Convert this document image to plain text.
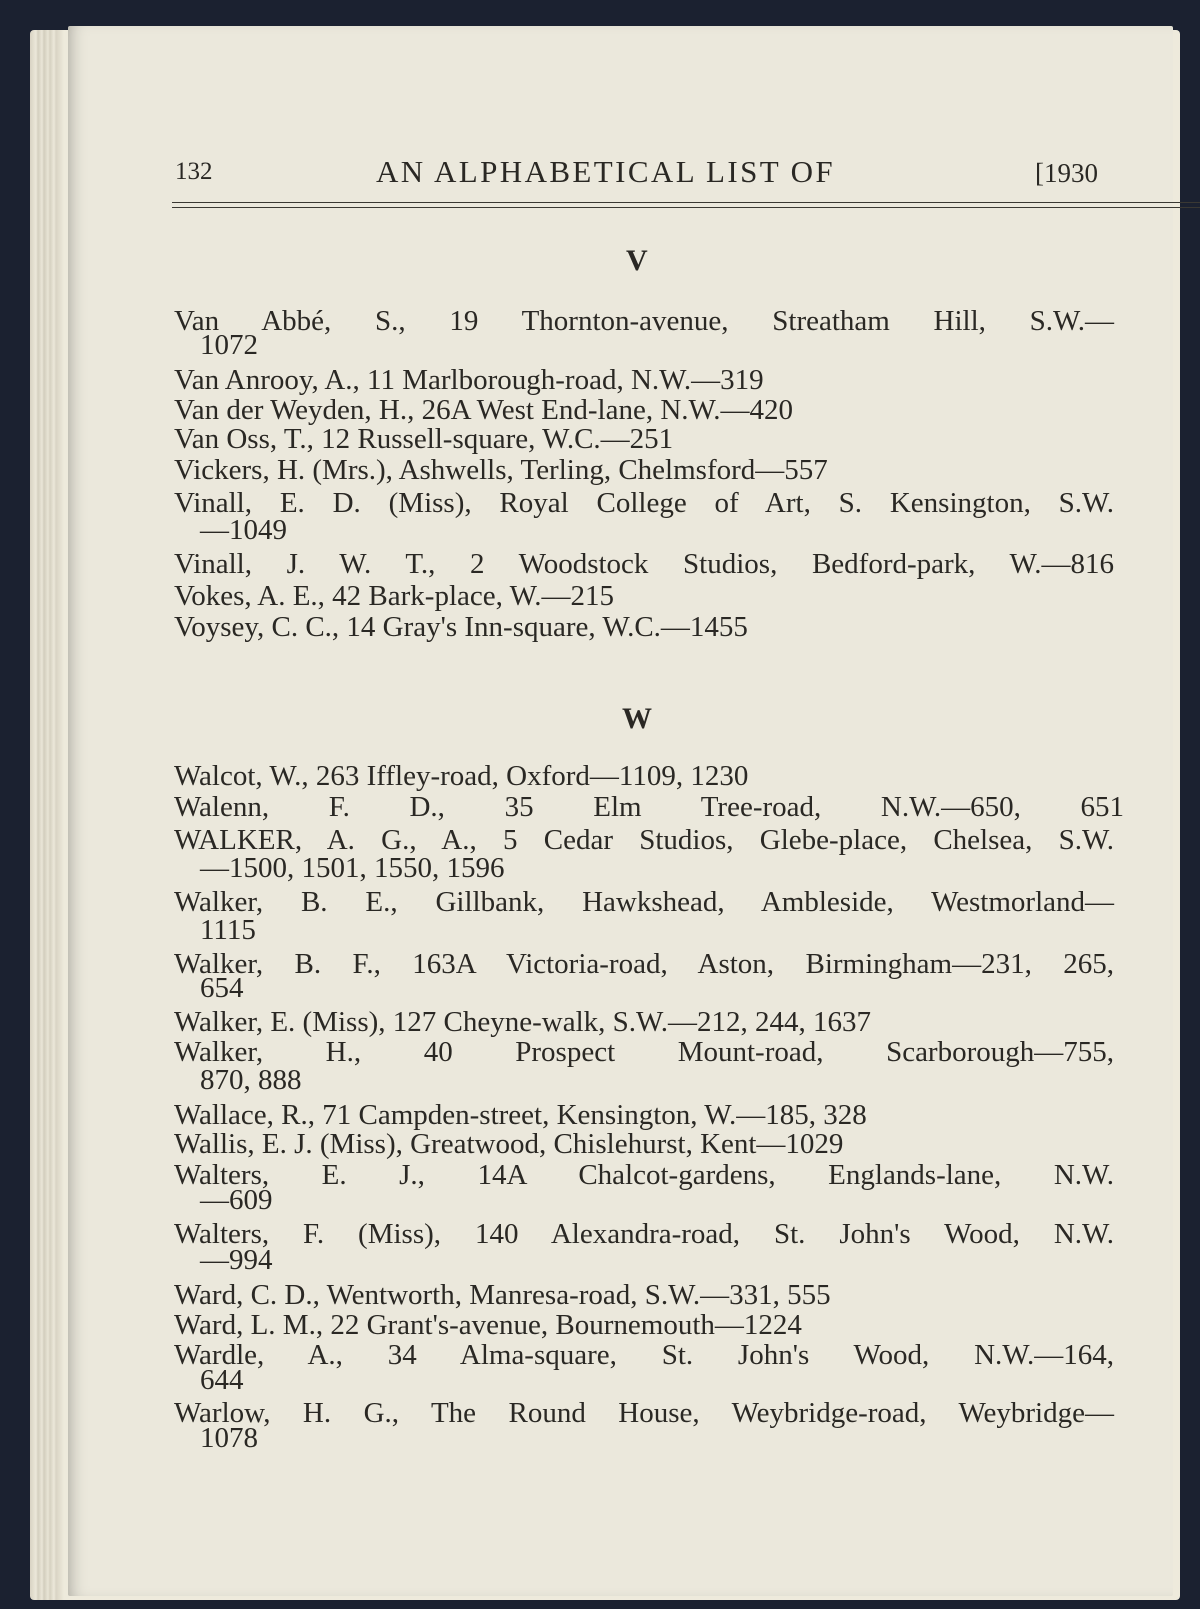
132	AN ALPHABETICAL LIST OF	[1930
V
Van Abbé, S., 19 Thornton-avenue, Streatham Hill, S.W.—
1072
Van Anrooy, A., 11 Marlborough-road, N.W.—319
Van der Weyden, H., 26A West End-lane, N.W.—420
Van Oss, T., 12 Russell-square, W.C.—251
Vickers, H. (Mrs.), Ashwells, Terling, Chelmsford—557
Vinall, E. D. (Miss), Royal College of Art, S. Kensington, S.W.
—1049
Vinall, J. W. T., 2 Woodstock Studios, Bedford-park, W.—816
Vokes, A. E., 42 Bark-place, W.—215
Voysey, C. C., 14 Gray's Inn-square, W.C.—1455
W
Walcot, W., 263 Iffley-road, Oxford—1109, 1230
Walenn, F. D., 35 Elm Tree-road, N.W.—650, 651
WALKER, A. G., A., 5 Cedar Studios, Glebe-place, Chelsea, S.W.
—1500, 1501, 1550, 1596
Walker, B. E., Gillbank, Hawkshead, Ambleside, Westmorland—
1115
Walker, B. F., 163A Victoria-road, Aston, Birmingham—231, 265,
654
Walker, E. (Miss), 127 Cheyne-walk, S.W.—212, 244, 1637
Walker, H., 40 Prospect Mount-road, Scarborough—755,
870, 888
Wallace, R., 71 Campden-street, Kensington, W.—185, 328
Wallis, E. J. (Miss), Greatwood, Chislehurst, Kent—1029
Walters, E. J., 14A Chalcot-gardens, Englands-lane, N.W.
—609
Walters, F. (Miss), 140 Alexandra-road, St. John's Wood, N.W.
—994
Ward, C. D., Wentworth, Manresa-road, S.W.—331, 555
Ward, L. M., 22 Grant's-avenue, Bournemouth—1224
Wardle, A., 34 Alma-square, St. John's Wood, N.W.—164,
644
Warlow, H. G., The Round House, Weybridge-road, Weybridge—
1078
